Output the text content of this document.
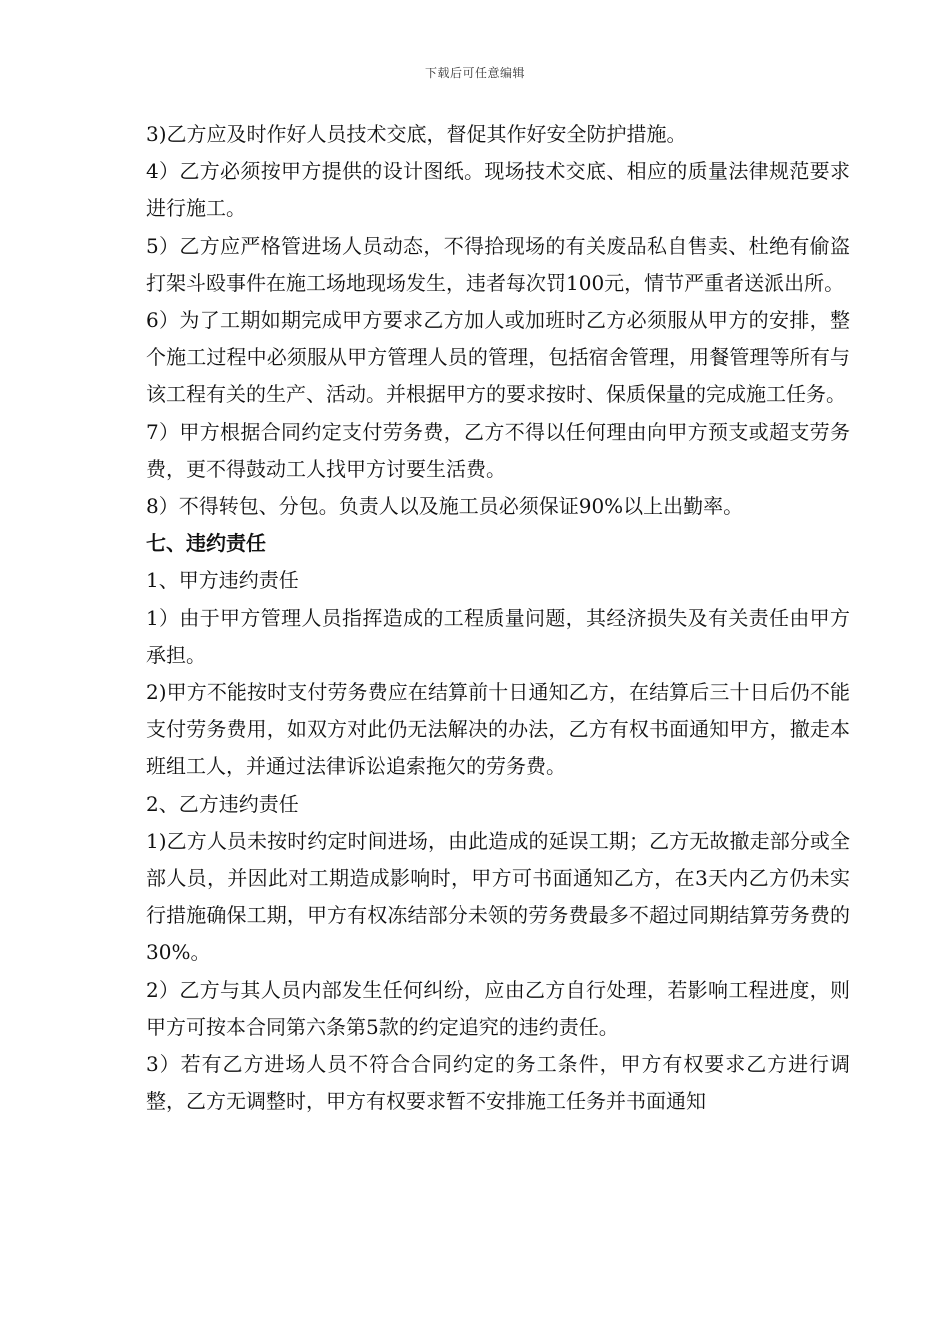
下载后可任意编辑

3)乙方应及时作好人员技术交底，督促其作好安全防护措施。

4）乙方必须按甲方提供的设计图纸。现场技术交底、相应的质量法律规范要求进行施工。

5）乙方应严格管进场人员动态，不得拾现场的有关废品私自售卖、杜绝有偷盗打架斗殴事件在施工场地现场发生，违者每次罚100元，情节严重者送派出所。

6）为了工期如期完成甲方要求乙方加人或加班时乙方必须服从甲方的安排，整个施工过程中必须服从甲方管理人员的管理，包括宿舍管理，用餐管理等所有与该工程有关的生产、活动。并根据甲方的要求按时、保质保量的完成施工任务。

7）甲方根据合同约定支付劳务费，乙方不得以任何理由向甲方预支或超支劳务费，更不得鼓动工人找甲方讨要生活费。

8）不得转包、分包。负责人以及施工员必须保证90%以上出勤率。

七、违约责任

1、甲方违约责任

1）由于甲方管理人员指挥造成的工程质量问题，其经济损失及有关责任由甲方承担。

2)甲方不能按时支付劳务费应在结算前十日通知乙方，在结算后三十日后仍不能支付劳务费用，如双方对此仍无法解决的办法，乙方有权书面通知甲方，撤走本班组工人，并通过法律诉讼追索拖欠的劳务费。

2、乙方违约责任

1)乙方人员未按时约定时间进场，由此造成的延误工期；乙方无故撤走部分或全部人员，并因此对工期造成影响时，甲方可书面通知乙方，在3天内乙方仍未实行措施确保工期，甲方有权冻结部分未领的劳务费最多不超过同期结算劳务费的30%。

2）乙方与其人员内部发生任何纠纷，应由乙方自行处理，若影响工程进度，则甲方可按本合同第六条第5款的约定追究的违约责任。

3）若有乙方进场人员不符合合同约定的务工条件，甲方有权要求乙方进行调整，乙方无调整时，甲方有权要求暂不安排施工任务并书面通知
